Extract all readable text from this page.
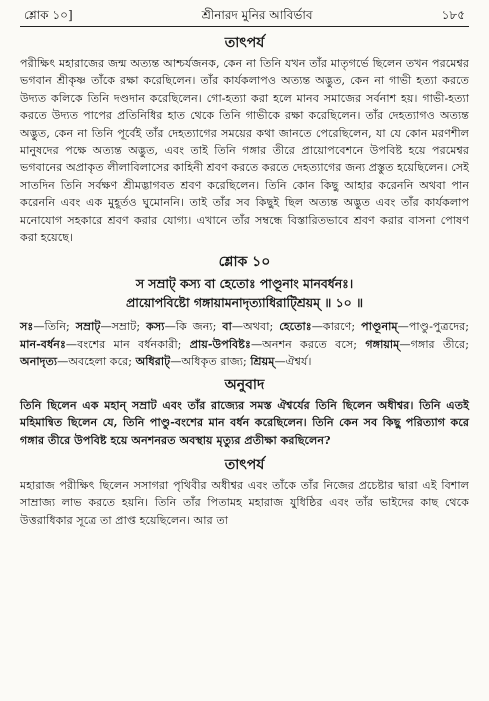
শ্লোক ১০]	শ্রীনারদ মুনির আবির্ভাব	১৮৫
তাৎপর্য

পরীক্ষিৎ মহারাজের জন্ম অত্যন্ত আশ্চর্যজনক, কেন না তিনি যখন তাঁর মাতৃগর্ভে ছিলেন তখন পরমেশ্বর ভগবান শ্রীকৃষ্ণ তাঁকে রক্ষা করেছিলেন। তাঁর কার্যকলাপও অত্যন্ত অদ্ভুত, কেন না গাভী হত্যা করতে উদ্যত কলিকে তিনি দণ্ডদান করেছিলেন। গো-হত্যা করা হলে মানব সমাজের সর্বনাশ হয়। গাভী-হত্যা করতে উদ্যত পাপের প্রতিনিধির হাত থেকে তিনি গাভীকে রক্ষা করেছিলেন। তাঁর দেহত্যাগও অত্যন্ত অদ্ভুত, কেন না তিনি পূর্বেই তাঁর দেহত্যাগের সময়ের কথা জানতে পেরেছিলেন, যা যে কোন মরণশীল মানুষদের পক্ষে অত্যন্ত অদ্ভুত, এবং তাই তিনি গঙ্গার তীরে প্রায়োপবেশনে উপবিষ্ট হয়ে পরমেশ্বর ভগবানের অপ্রাকৃত লীলাবিলাসের কাহিনী শ্রবণ করতে করতে দেহত্যাগের জন্য প্রস্তুত হয়েছিলেন। সেই সাতদিন তিনি সর্বক্ষণ শ্রীমদ্ভাগবত শ্রবণ করেছিলেন। তিনি কোন কিছু আহার করেননি অথবা পান করেননি এবং এক মুহূর্তও ঘুমোননি। তাই তাঁর সব কিছুই ছিল অত্যন্ত অদ্ভুত এবং তাঁর কার্যকলাপ মনোযোগ সহকারে শ্রবণ করার যোগ্য। এখানে তাঁর সম্বন্ধে বিস্তারিতভাবে শ্রবণ করার বাসনা পোষণ করা হয়েছে।

শ্লোক ১০
স সম্রাট্ কস্য বা হেতোঃ পাণ্ডূনাং মানবর্ধনঃ।
প্রায়োপবিষ্টো গঙ্গায়ামনাদৃত্যাধিরাট্শ্রিয়ম্ ॥ ১০ ॥

সঃ—তিনি; সম্রাট্—সম্রাট; কস্য—কি জন্য; বা—অথবা; হেতোঃ—কারণে; পাণ্ডূনাম্—পাণ্ডু-পুত্রদের; মান-বর্ধনঃ—বংশের মান বর্ধনকারী; প্রায়-উপবিষ্টঃ—অনশন করতে বসে; গঙ্গায়াম্—গঙ্গার তীরে; অনাদৃত্য—অবহেলা করে; অধিরাট্—অধিকৃত রাজ্য; শ্রিয়ম্—ঐশ্বর্য।

অনুবাদ

তিনি ছিলেন এক মহান্ সম্রাট এবং তাঁর রাজ্যের সমস্ত ঐশ্বর্যের তিনি ছিলেন অধীশ্বর। তিনি এতই মহিমান্বিত ছিলেন যে, তিনি পাণ্ডু-বংশের মান বর্ধন করেছিলেন। তিনি কেন সব কিছু পরিত্যাগ করে গঙ্গার তীরে উপবিষ্ট হয়ে অনশনরত অবস্থায় মৃত্যুর প্রতীক্ষা করছিলেন?

তাৎপর্য

মহারাজ পরীক্ষিৎ ছিলেন সসাগরা পৃথিবীর অধীশ্বর এবং তাঁকে তাঁর নিজের প্রচেষ্টার দ্বারা এই বিশাল সাম্রাজ্য লাভ করতে হয়নি। তিনি তাঁর পিতামহ মহারাজ যুধিষ্ঠির এবং তাঁর ভাইদের কাছ থেকে উত্তরাধিকার সূত্রে তা প্রাপ্ত হয়েছিলেন। আর তা
